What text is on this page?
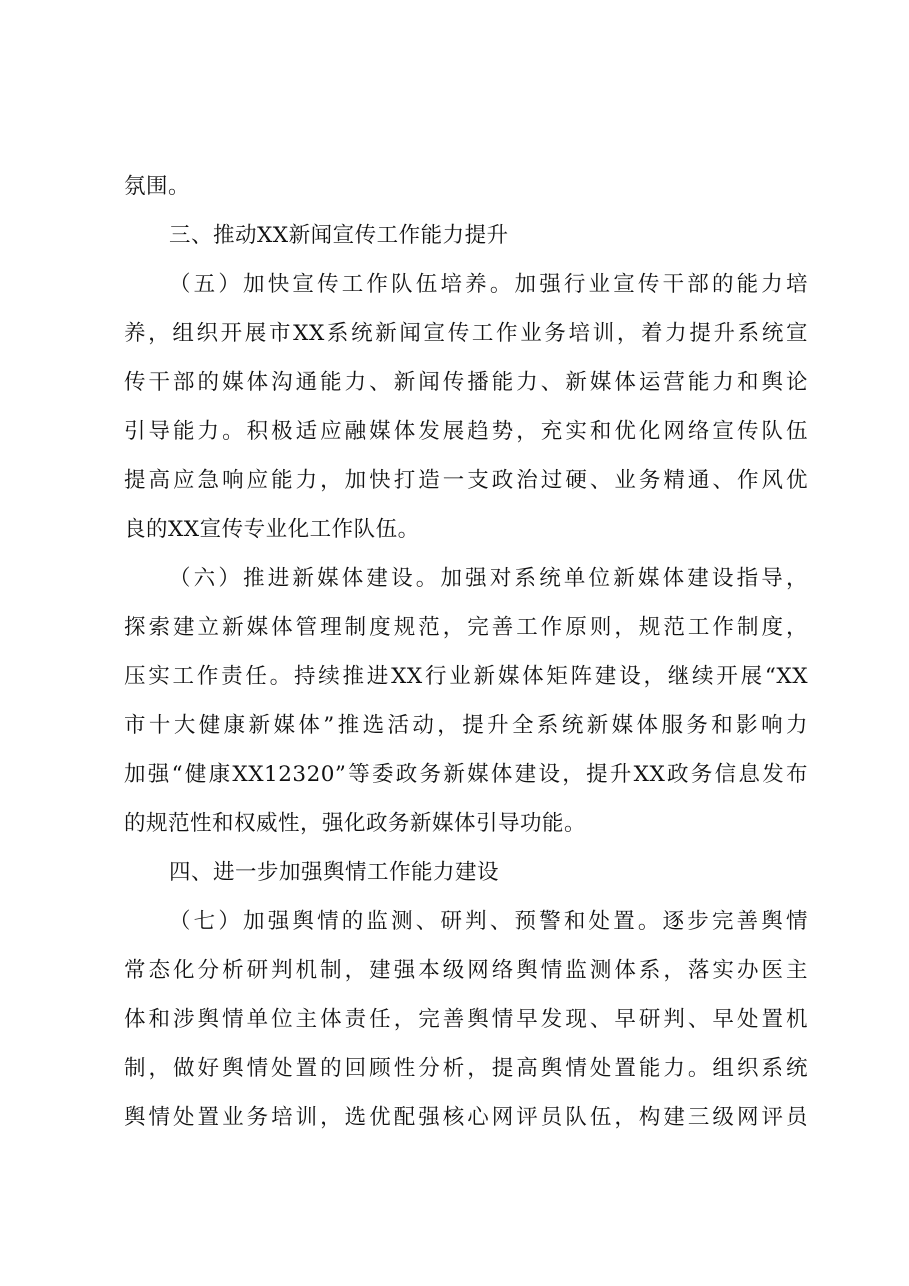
氛围。
三、推动XX新闻宣传工作能力提升
（五）加快宣传工作队伍培养。加强行业宣传干部的能力培
养，组织开展市XX系统新闻宣传工作业务培训，着力提升系统宣
传干部的媒体沟通能力、新闻传播能力、新媒体运营能力和舆论
引导能力。积极适应融媒体发展趋势，充实和优化网络宣传队伍
提高应急响应能力，加快打造一支政治过硬、业务精通、作风优
良的XX宣传专业化工作队伍。
（六）推进新媒体建设。加强对系统单位新媒体建设指导，
探索建立新媒体管理制度规范，完善工作原则，规范工作制度，
压实工作责任。持续推进XX行业新媒体矩阵建设，继续开展“XX
市十大健康新媒体”推选活动，提升全系统新媒体服务和影响力
加强“健康XX12320”等委政务新媒体建设，提升XX政务信息发布
的规范性和权威性，强化政务新媒体引导功能。
四、进一步加强舆情工作能力建设
（七）加强舆情的监测、研判、预警和处置。逐步完善舆情
常态化分析研判机制，建强本级网络舆情监测体系，落实办医主
体和涉舆情单位主体责任，完善舆情早发现、早研判、早处置机
制，做好舆情处置的回顾性分析，提高舆情处置能力。组织系统
舆情处置业务培训，选优配强核心网评员队伍，构建三级网评员
